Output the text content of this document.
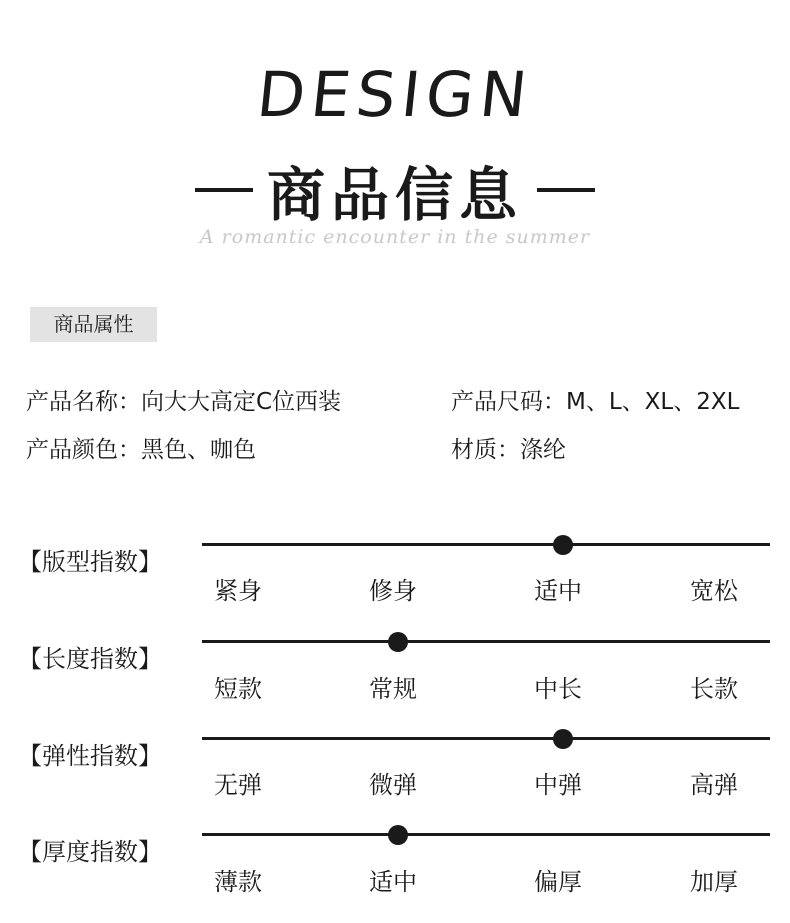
DESIGN
商品信息
A romantic encounter in the summer
商品属性
产品名称：向大大高定C位西装	产品尺码：M、L、XL、2XL
产品颜色：黑色、咖色	材质：涤纶
【版型指数】
紧身	修身	适中	宽松
【长度指数】
短款	常规	中长	长款
【弹性指数】
无弹	微弹	中弹	高弹
【厚度指数】
薄款	适中	偏厚	加厚
